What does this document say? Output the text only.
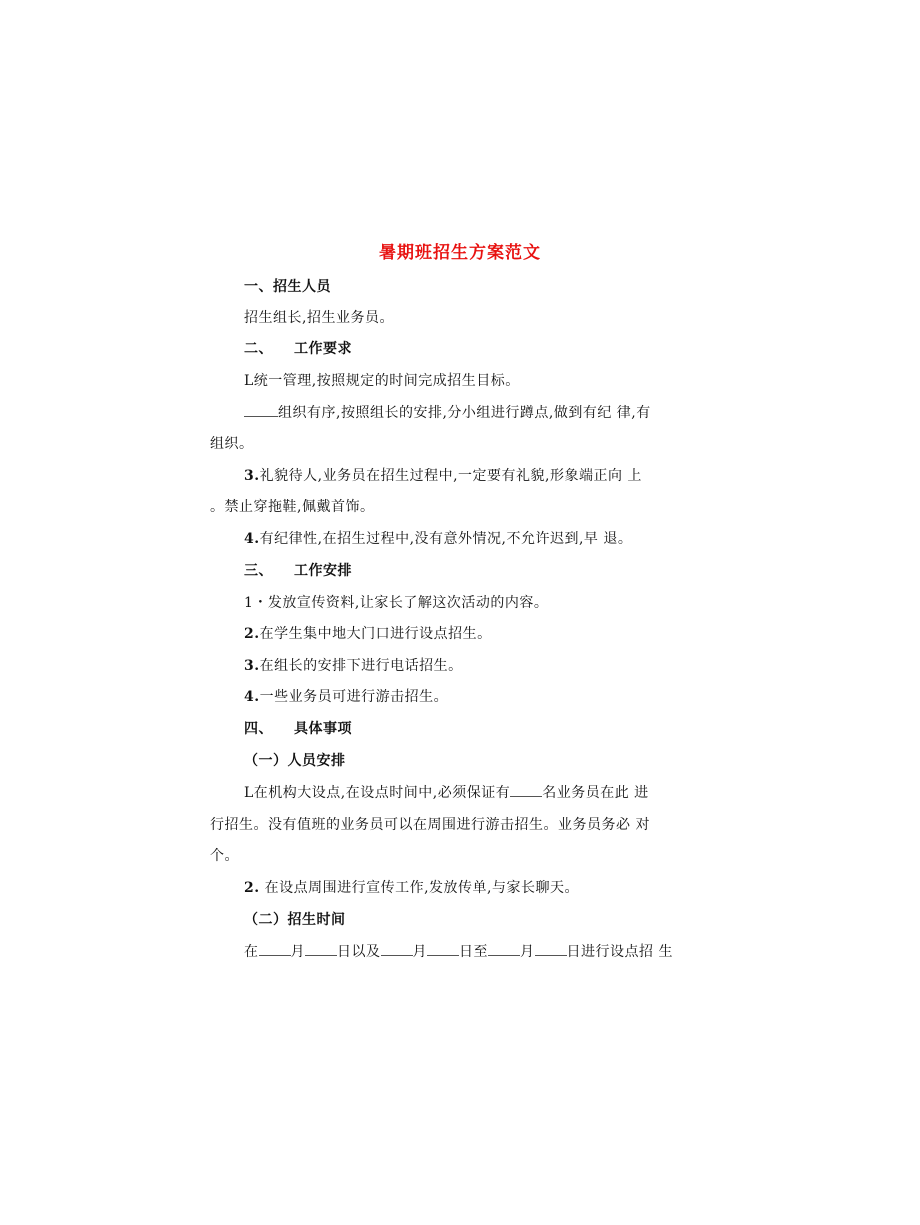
暑期班招生方案范文
一、招生人员
招生组长,招生业务员。
二、 工作要求
L统一管理,按照规定的时间完成招生目标。
组织有序,按照组长的安排,分小组进行蹲点,做到有纪 律,有
组织。
3.礼貌待人,业务员在招生过程中,一定要有礼貌,形象端正向 上
。禁止穿拖鞋,佩戴首饰。
4.有纪律性,在招生过程中,没有意外情况,不允许迟到,早 退。
三、 工作安排
1・发放宣传资料,让家长了解这次活动的内容。
2.在学生集中地大门口进行设点招生。
3.在组长的安排下进行电话招生。
4.一些业务员可进行游击招生。
四、 具体事项
（一）人员安排
L在机构大设点,在设点时间中,必须保证有 名业务员在此 进
行招生。没有值班的业务员可以在周围进行游击招生。业务员务必 对
个。
2. 在设点周围进行宣传工作,发放传单,与家长聊天。
（二）招生时间
在 月 日以及 月 日至 月 日进行设点招 生
